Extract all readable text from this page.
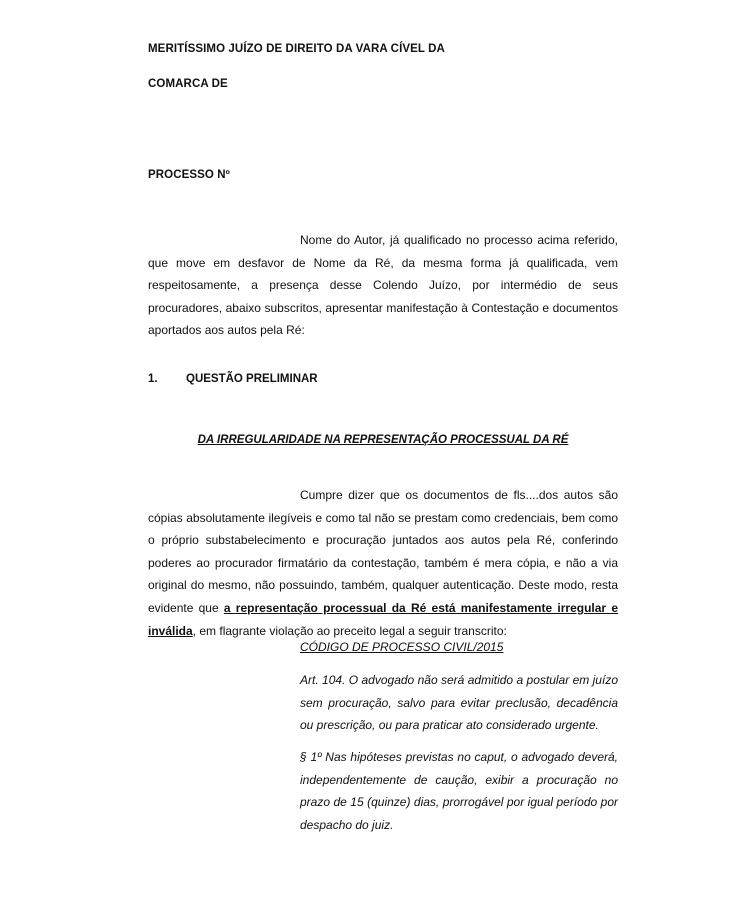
MERITÍSSIMO JUÍZO DE DIREITO DA VARA CÍVEL DA
COMARCA DE
PROCESSO Nº
Nome do Autor, já qualificado no processo acima referido, que move em desfavor de Nome da Ré, da mesma forma já qualificada, vem respeitosamente, a presença desse Colendo Juízo, por intermédio de seus procuradores, abaixo subscritos, apresentar manifestação à Contestação e documentos aportados aos autos pela Ré:
1. QUESTÃO PRELIMINAR
DA IRREGULARIDADE NA REPRESENTAÇÃO PROCESSUAL DA RÉ
Cumpre dizer que os documentos de fls....dos autos são cópias absolutamente ilegíveis e como tal não se prestam como credenciais, bem como o próprio substabelecimento e procuração juntados aos autos pela Ré, conferindo poderes ao procurador firmatário da contestação, também é mera cópia, e não a via original do mesmo, não possuindo, também, qualquer autenticação. Deste modo, resta evidente que a representação processual da Ré está manifestamente irregular e inválida, em flagrante violação ao preceito legal a seguir transcrito:
CÓDIGO DE PROCESSO CIVIL/2015
Art. 104. O advogado não será admitido a postular em juízo sem procuração, salvo para evitar preclusão, decadência ou prescrição, ou para praticar ato considerado urgente.
§ 1º Nas hipóteses previstas no caput, o advogado deverá, independentemente de caução, exibir a procuração no prazo de 15 (quinze) dias, prorrogável por igual período por despacho do juiz.
